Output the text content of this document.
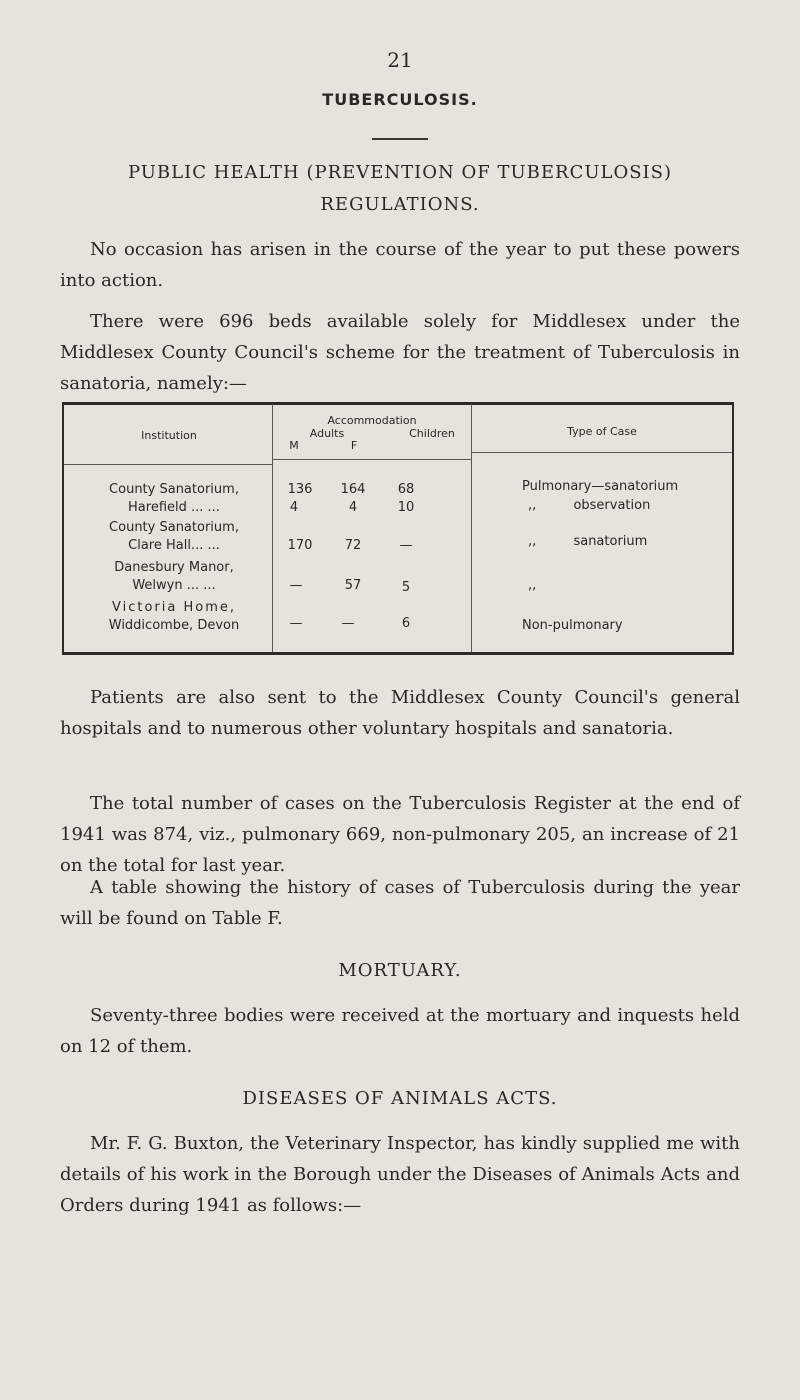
21
TUBERCULOSIS.
PUBLIC HEALTH (PREVENTION OF TUBERCULOSIS)
REGULATIONS.
No occasion has arisen in the course of the year to put these powers into action.
There were 696 beds available solely for Middlesex under the Middlesex County Council's scheme for the treatment of Tuberculosis in sanatoria, namely:—
Institution
Accommodation
Adults	Children
M	F
Type of Case
County Sanatorium,	136	164	68	Pulmonary—sanatorium
Harefield ... ...	4	4	10	,,         observation
County Sanatorium,
Clare Hall... ...	170	72	—	,,         sanatorium
Danesbury Manor,
Welwyn ... ...	—	57	5	,,
Victoria Home,
Widdicombe, Devon	—	—	6	Non-pulmonary
Patients are also sent to the Middlesex County Council's general hospitals and to numerous other voluntary hospitals and sanatoria.
The total number of cases on the Tuberculosis Register at the end of 1941 was 874, viz., pulmonary 669, non-pulmonary 205, an increase of 21 on the total for last year.
A table showing the history of cases of Tuberculosis during the year will be found on Table F.
MORTUARY.
Seventy-three bodies were received at the mortuary and inquests held on 12 of them.
DISEASES OF ANIMALS ACTS.
Mr. F. G. Buxton, the Veterinary Inspector, has kindly supplied me with details of his work in the Borough under the Diseases of Animals Acts and Orders during 1941 as follows:—
